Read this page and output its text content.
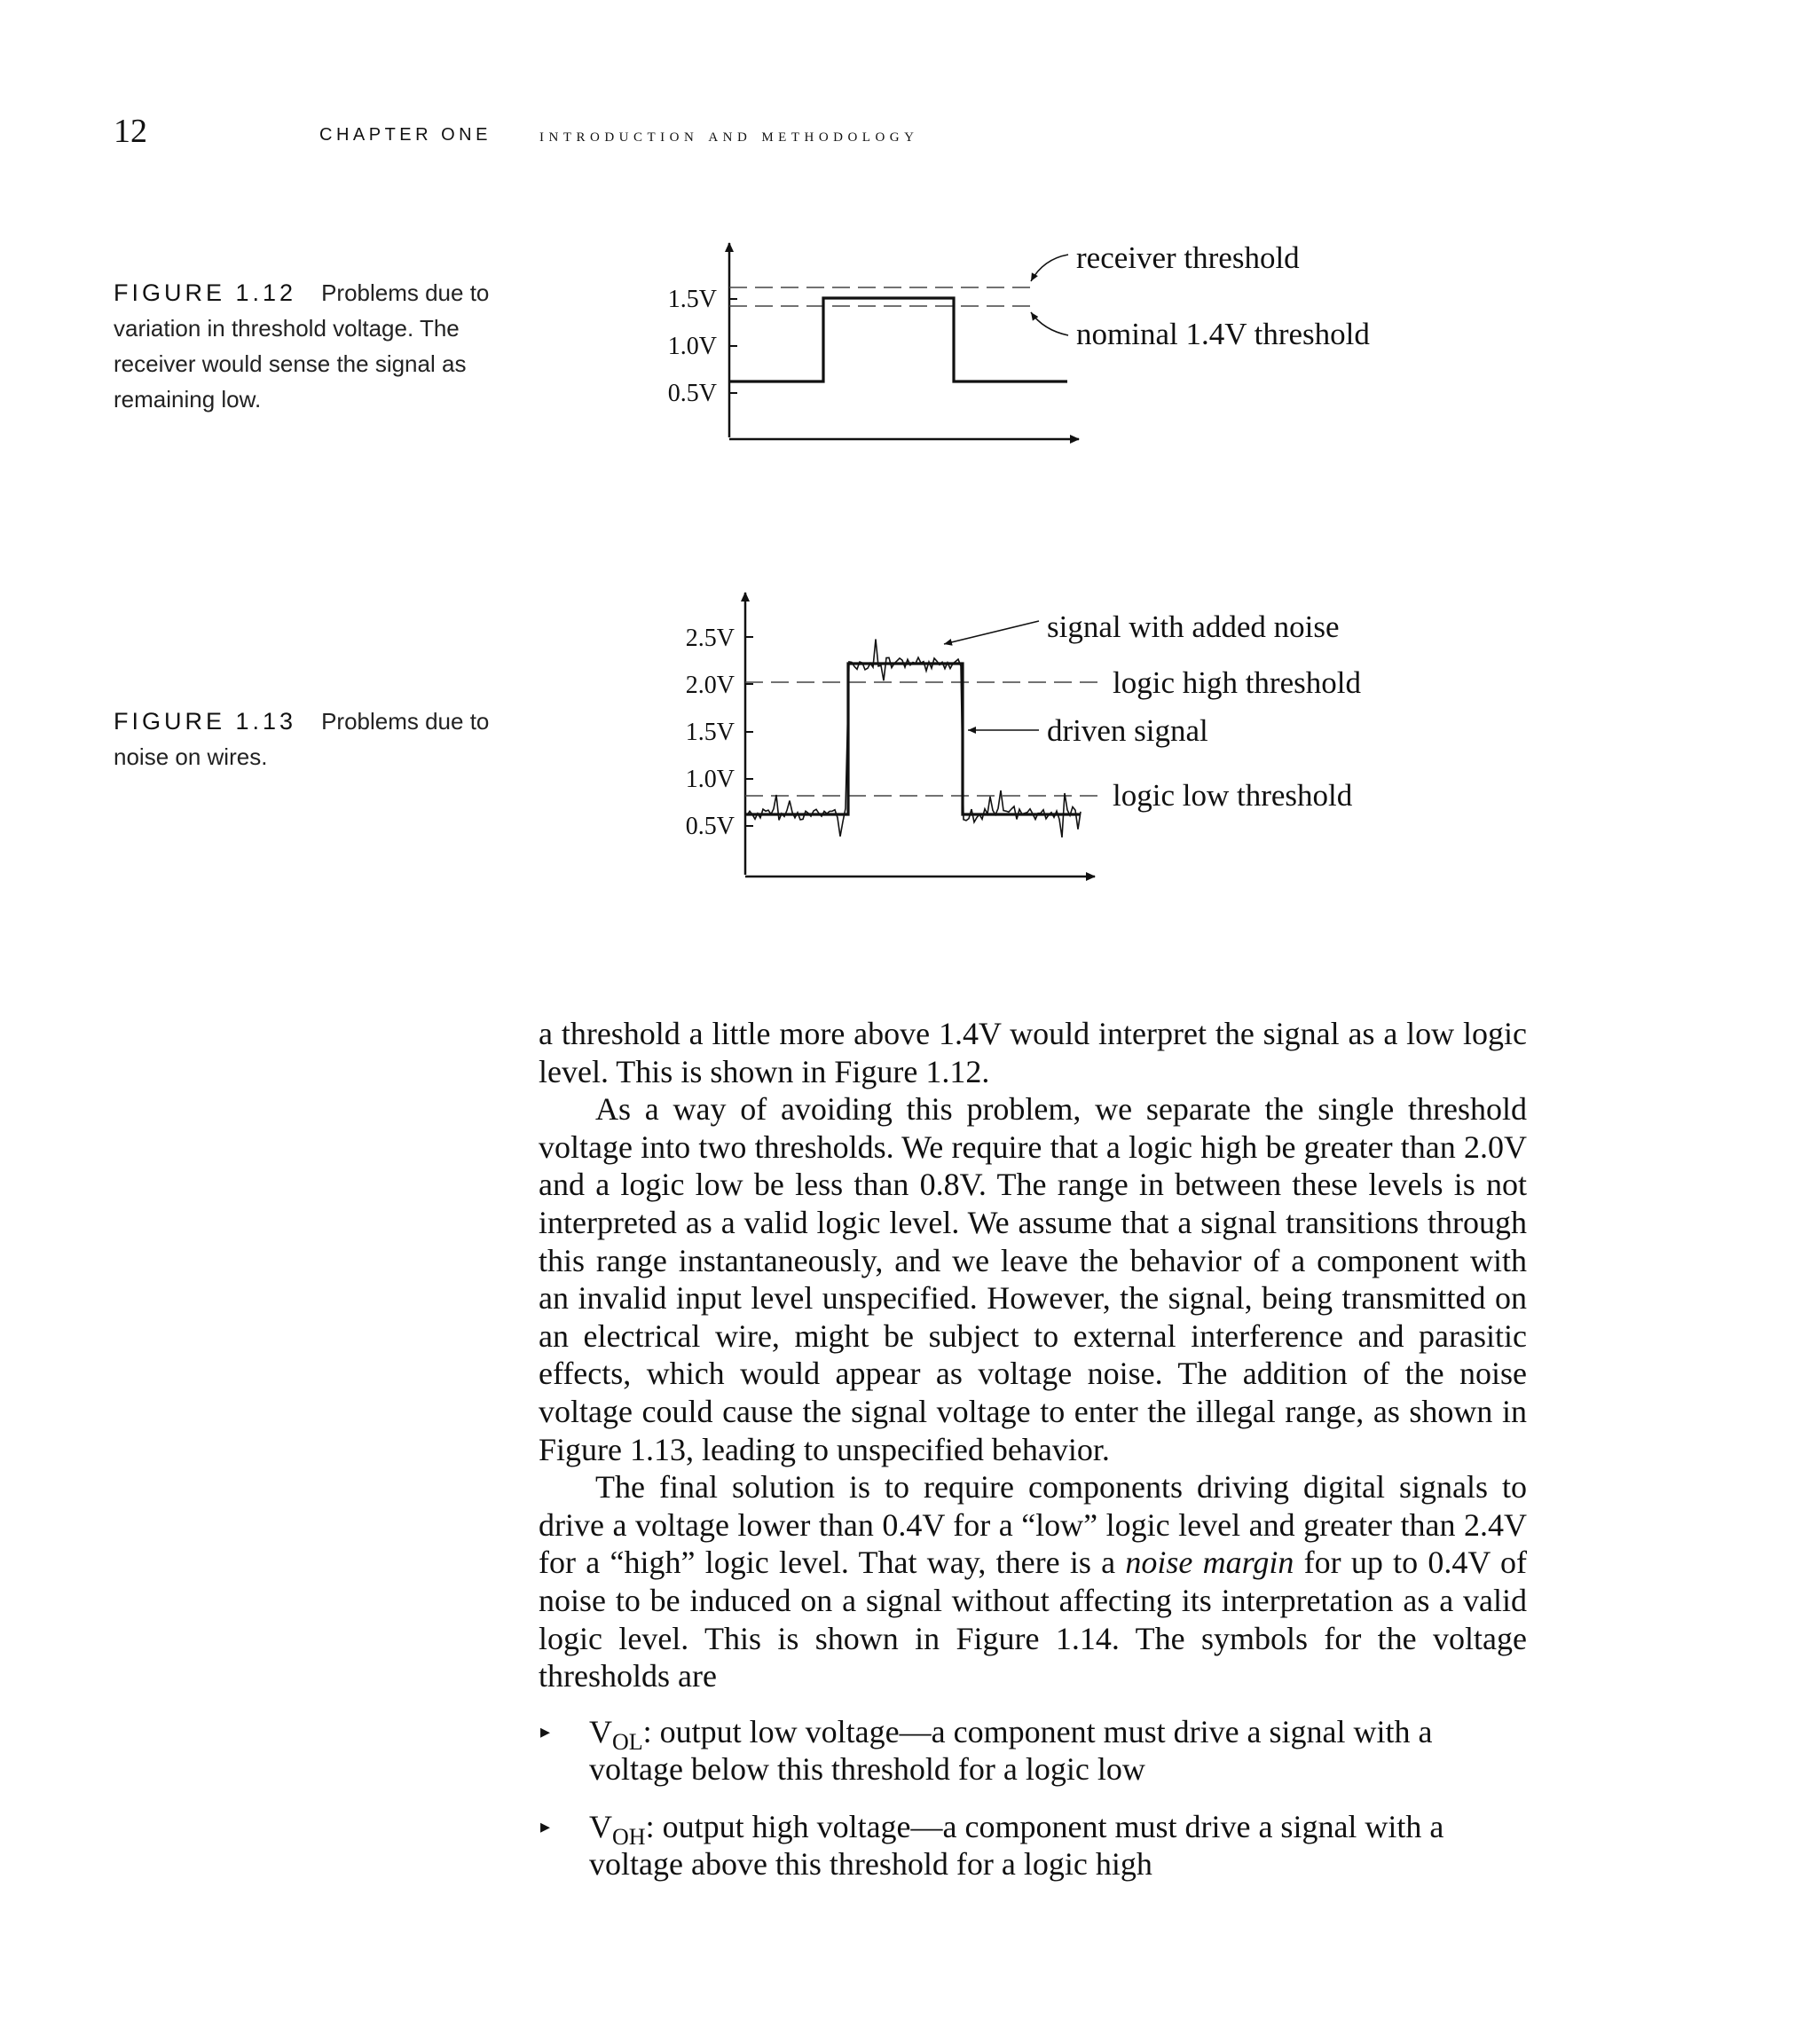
12	CHAPTER ONE introduction and methodology
FIGURE 1.12 Problems due to variation in threshold voltage. The receiver would sense the signal as remaining low.
FIGURE 1.13 Problems due to noise on wires.
1.5V
1.0V
0.5V
receiver threshold
nominal 1.4V threshold
2.5V
2.0V
1.5V
1.0V
0.5V
signal with added noise
logic high threshold
driven signal
logic low threshold

a threshold a little more above 1.4V would interpret the signal as a low logic level. This is shown in Figure 1.12.

As a way of avoiding this problem, we separate the single threshold voltage into two thresholds. We require that a logic high be greater than 2.0V and a logic low be less than 0.8V. The range in between these levels is not interpreted as a valid logic level. We assume that a signal transitions through this range instantaneously, and we leave the behavior of a component with an invalid input level unspecified. However, the signal, being transmitted on an electrical wire, might be subject to external interference and parasitic effects, which would appear as voltage noise. The addition of the noise voltage could cause the signal voltage to enter the illegal range, as shown in Figure 1.13, leading to unspecified behavior.

The final solution is to require components driving digital signals to drive a voltage lower than 0.4V for a “low” logic level and greater than 2.4V for a “high” logic level. That way, there is a noise margin for up to 0.4V of noise to be induced on a signal without affecting its interpretation as a valid logic level. This is shown in Figure 1.14. The symbols for the voltage thresholds are

▸ $V_{OL}$: output low voltage—a component must drive a signal with a voltage below this threshold for a logic low
▸ $V_{OH}$: output high voltage—a component must drive a signal with a voltage above this threshold for a logic high
